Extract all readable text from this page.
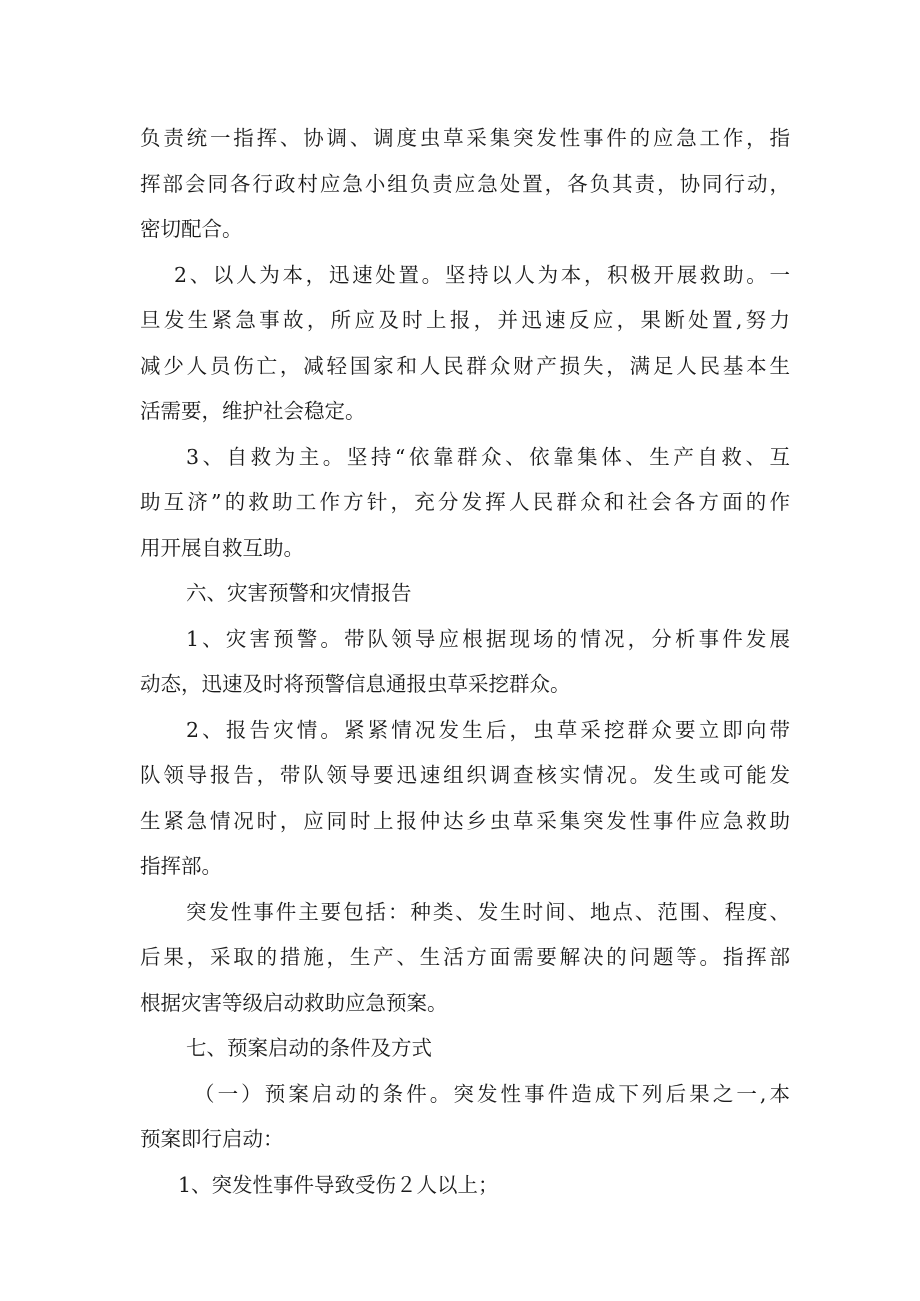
负责统一指挥、协调、调度虫草采集突发性事件的应急工作，指
挥部会同各行政村应急小组负责应急处置，各负其责，协同行动，
密切配合。
2、以人为本，迅速处置。坚持以人为本，积极开展救助。一
旦发生紧急事故，所应及时上报，并迅速反应，果断处置,努力
减少人员伤亡，减轻国家和人民群众财产损失，满足人民基本生
活需要，维护社会稳定。
3、自救为主。坚持“依靠群众、依靠集体、生产自救、互
助互济”的救助工作方针，充分发挥人民群众和社会各方面的作
用开展自救互助。
六、灾害预警和灾情报告
1、灾害预警。带队领导应根据现场的情况，分析事件发展
动态，迅速及时将预警信息通报虫草采挖群众。
2、报告灾情。紧紧情况发生后，虫草采挖群众要立即向带
队领导报告，带队领导要迅速组织调查核实情况。发生或可能发
生紧急情况时，应同时上报仲达乡虫草采集突发性事件应急救助
指挥部。
突发性事件主要包括：种类、发生时间、地点、范围、程度、
后果，采取的措施，生产、生活方面需要解决的问题等。指挥部
根据灾害等级启动救助应急预案。
七、预案启动的条件及方式
（一）预案启动的条件。突发性事件造成下列后果之一,本
预案即行启动：
1、突发性事件导致受伤２人以上；
